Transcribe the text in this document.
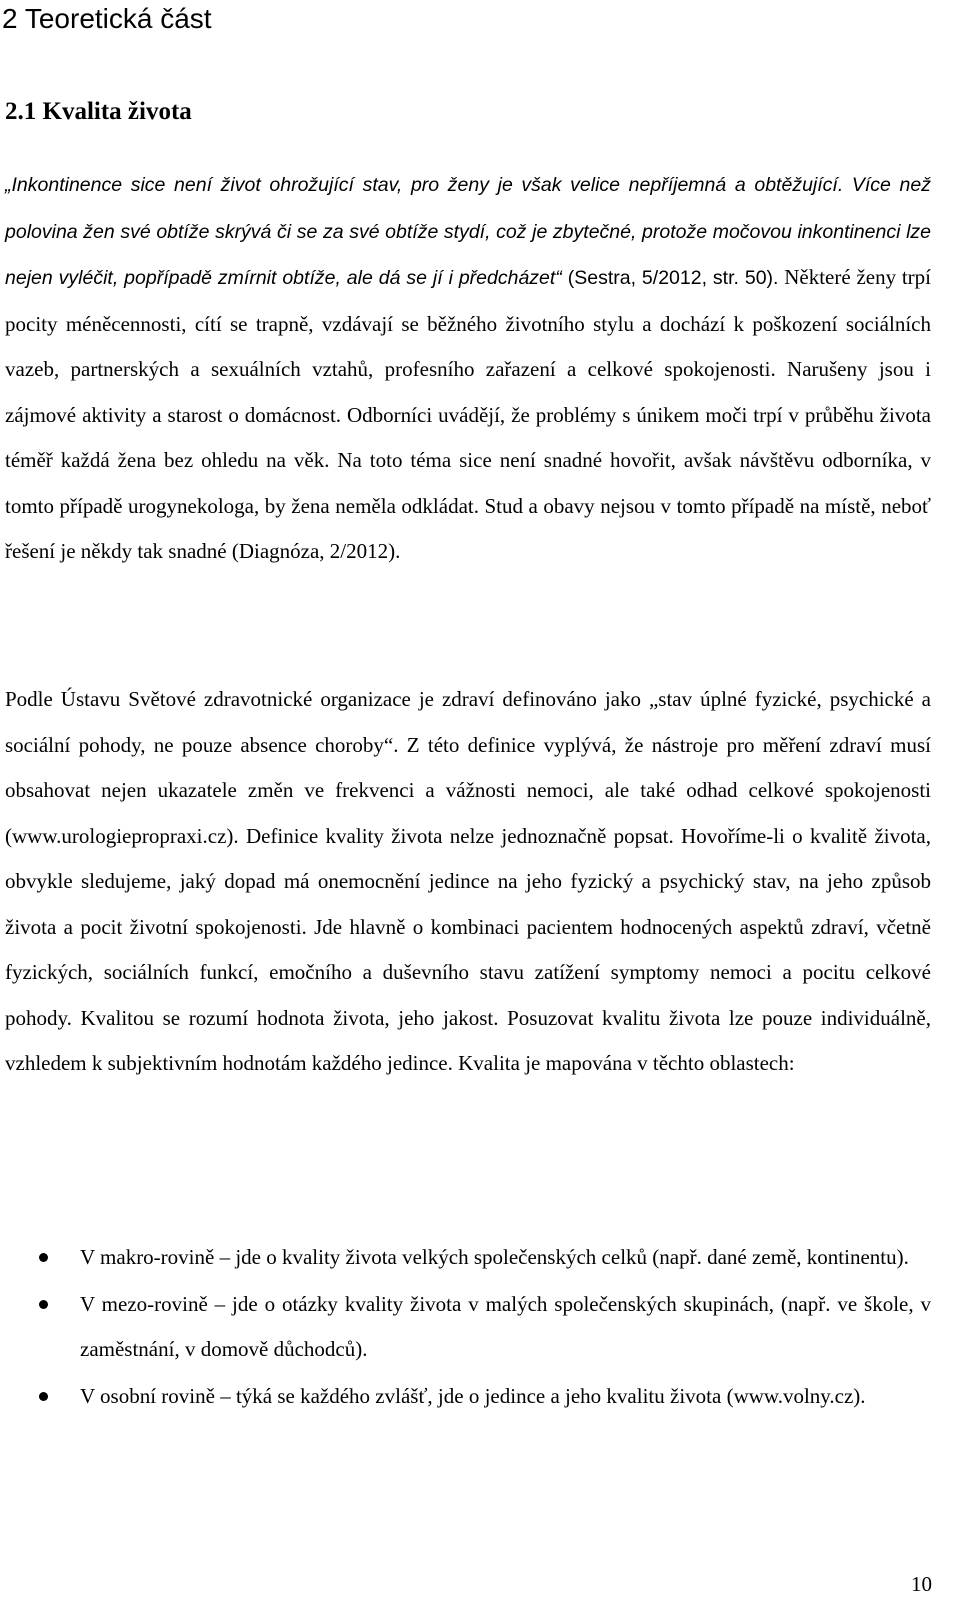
2 Teoretická část
2.1 Kvalita života

„Inkontinence sice není život ohrožující stav, pro ženy je však velice nepříjemná a obtěžující. Více než polovina žen své obtíže skrývá či se za své obtíže stydí, což je zbytečné, protože močovou inkontinenci lze nejen vyléčit, popřípadě zmírnit obtíže, ale dá se jí i předcházet“ (Sestra, 5/2012, str. 50). Některé ženy trpí pocity méněcennosti, cítí se trapně, vzdávají se běžného životního stylu a dochází k poškození sociálních vazeb, partnerských a sexuálních vztahů, profesního zařazení a celkové spokojenosti. Narušeny jsou i zájmové aktivity a starost o domácnost. Odborníci uvádějí, že problémy s únikem moči trpí v průběhu života téměř každá žena bez ohledu na věk. Na toto téma sice není snadné hovořit, avšak návštěvu odborníka, v tomto případě urogynekologa, by žena neměla odkládat. Stud a obavy nejsou v tomto případě na místě, neboť řešení je někdy tak snadné (Diagnóza, 2/2012).

Podle Ústavu Světové zdravotnické organizace je zdraví definováno jako „stav úplné fyzické, psychické a sociální pohody, ne pouze absence choroby“. Z této definice vyplývá, že nástroje pro měření zdraví musí obsahovat nejen ukazatele změn ve frekvenci a vážnosti nemoci, ale také odhad celkové spokojenosti (www.urologiepropraxi.cz). Definice kvality života nelze jednoznačně popsat. Hovoříme-li o kvalitě života, obvykle sledujeme, jaký dopad má onemocnění jedince na jeho fyzický a psychický stav, na jeho způsob života a pocit životní spokojenosti. Jde hlavně o kombinaci pacientem hodnocených aspektů zdraví, včetně fyzických, sociálních funkcí, emočního a duševního stavu zatížení symptomy nemoci a pocitu celkové pohody. Kvalitou se rozumí hodnota života, jeho jakost. Posuzovat kvalitu života lze pouze individuálně, vzhledem k subjektivním hodnotám každého jedince. Kvalita je mapována v těchto oblastech:

V makro-rovině – jde o kvality života velkých společenských celků (např. dané země, kontinentu).
V mezo-rovině – jde o otázky kvality života v malých společenských skupinách, (např. ve škole, v zaměstnání, v domově důchodců).
V osobní rovině – týká se každého zvlášť, jde o jedince a jeho kvalitu života (www.volny.cz).
10
